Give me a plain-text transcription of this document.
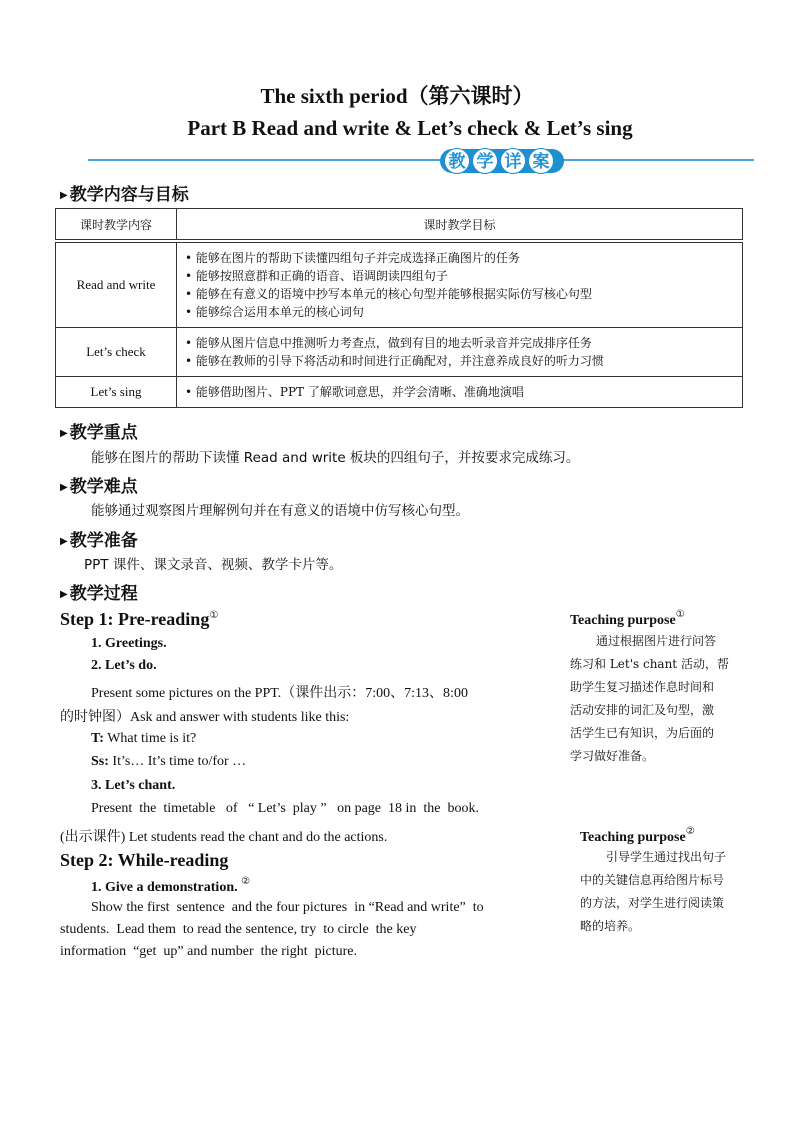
The sixth period（第六课时）
Part B Read and write & Let’s check & Let’s sing
教 学 详 案
▶ 教学内容与目标
课时教学内容	课时教学目标

Read and write	• 能够在图片的帮助下读懂四组句子并完成选择正确图片的任务
• 能够按照意群和正确的语音、语调朗读四组句子
• 能够在有意义的语境中抄写本单元的核心句型并能够根据实际仿写核心句型
• 能够综合运用本单元的核心词句

Let’s check	• 能够从图片信息中推测听力考查点，做到有目的地去听录音并完成排序任务
• 能够在教师的引导下将活动和时间进行正确配对，并注意养成良好的听力习惯

Let’s sing	• 能够借助图片、PPT 了解歌词意思，并学会清晰、准确地演唱
▶ 教学重点
能够在图片的帮助下读懂 Read and write 板块的四组句子，并按要求完成练习。
▶ 教学难点
能够通过观察图片理解例句并在有意义的语境中仿写核心句型。
▶ 教学准备
PPT 课件、课文录音、视频、教学卡片等。
▶ 教学过程
Step 1: Pre-reading①
1. Greetings.
2. Let’s do.
Present some pictures on the PPT.（课件出示：7:00、7:13、8:00
的时钟图）Ask and answer with students like this:
T: What time is it?
Ss: It’s… It’s time to/for …
3. Let’s chant.
Present  the  timetable   of   “ Let’s  play ”   on page  18 in  the  book.
(出示课件) Let students read the chant and do the actions.
Step 2: While-reading
1. Give a demonstration. ②
Show the first  sentence  and the four pictures  in “Read and write”  to
students.  Lead them  to read the sentence, try  to circle  the key
information  “get  up” and number  the right  picture.
Teaching purpose①
通过根据图片进行问答
练习和 Let's chant 活动，帮
助学生复习描述作息时间和
活动安排的词汇及句型，激
活学生已有知识，为后面的
学习做好准备。
Teaching purpose②
引导学生通过找出句子
中的关键信息再给图片标号
的方法，对学生进行阅读策
略的培养。
